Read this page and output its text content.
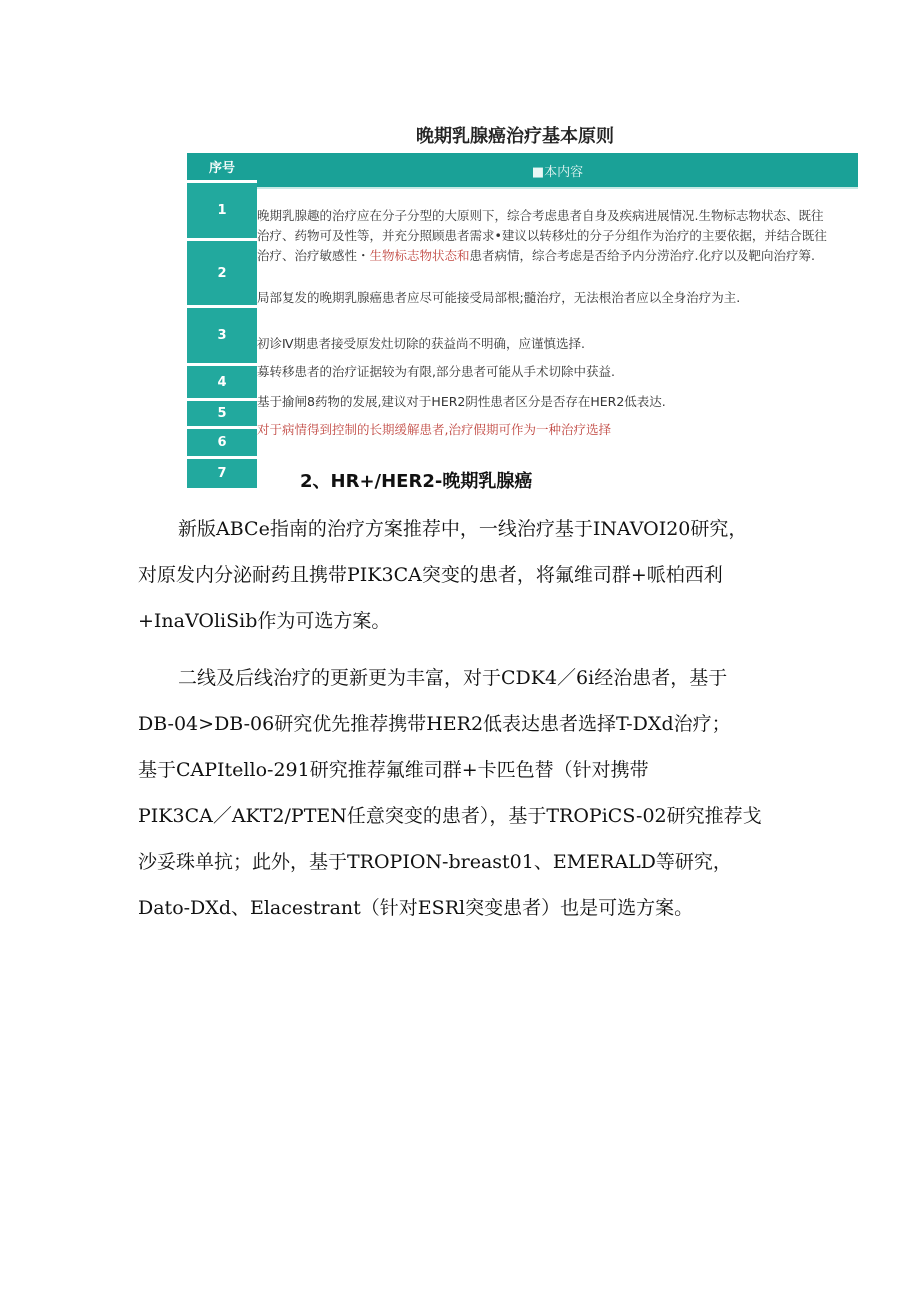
晚期乳腺癌治疗基本原则
序号
1
2
3
4
5
6
7
■本内容
晚期乳腺趣的治疗应在分子分型的大原则下，综合考虑患者自身及疾病进展情况.生物标志物状态、既往
治疗、药物可及性等，并充分照顾患者需求•建议以转移灶的分子分组作为治疗的主要依据，并结合既往
治疗、治疗敏感性・生物标志物状态和患者病情，综合考虑是否给予内分涝治疗.化疗以及靶向治疗筹.
局部复发的晚期乳腺癌患者应尽可能接受局部根;髓治疗，无法根治者应以全身治疗为主.
初诊Ⅳ期患者接受原发灶切除的获益尚不明确，应谨慎选择.
募转移患者的治疗证据较为有限,部分患者可能从手术切除中获益.
基于揄闸8药物的发展,建议对于HER2阴性患者区分是否存在HER2低表达.
对于病情得到控制的长期缓解患者,治疗假期可作为一种治疗选择
2、HR+/HER2-晚期乳腺癌
新版ABCe指南的治疗方案推荐中，一线治疗基于INAVOI20研究，
对原发内分泌耐药且携带PIK3CA突变的患者，将氟维司群+哌柏西利
+InaVOliSib作为可选方案。
二线及后线治疗的更新更为丰富，对于CDK4／6i经治患者，基于
DB-04>DB-06研究优先推荐携带HER2低表达患者选择T-DXd治疗；
基于CAPItello-291研究推荐氟维司群+卡匹色替（针对携带
PIK3CA／AKT2/PTEN任意突变的患者），基于TROPiCS-02研究推荐戈
沙妥珠单抗；此外，基于TROPION-breast01、EMERALD等研究，
Dato-DXd、Elacestrant（针对ESRl突变患者）也是可选方案。
